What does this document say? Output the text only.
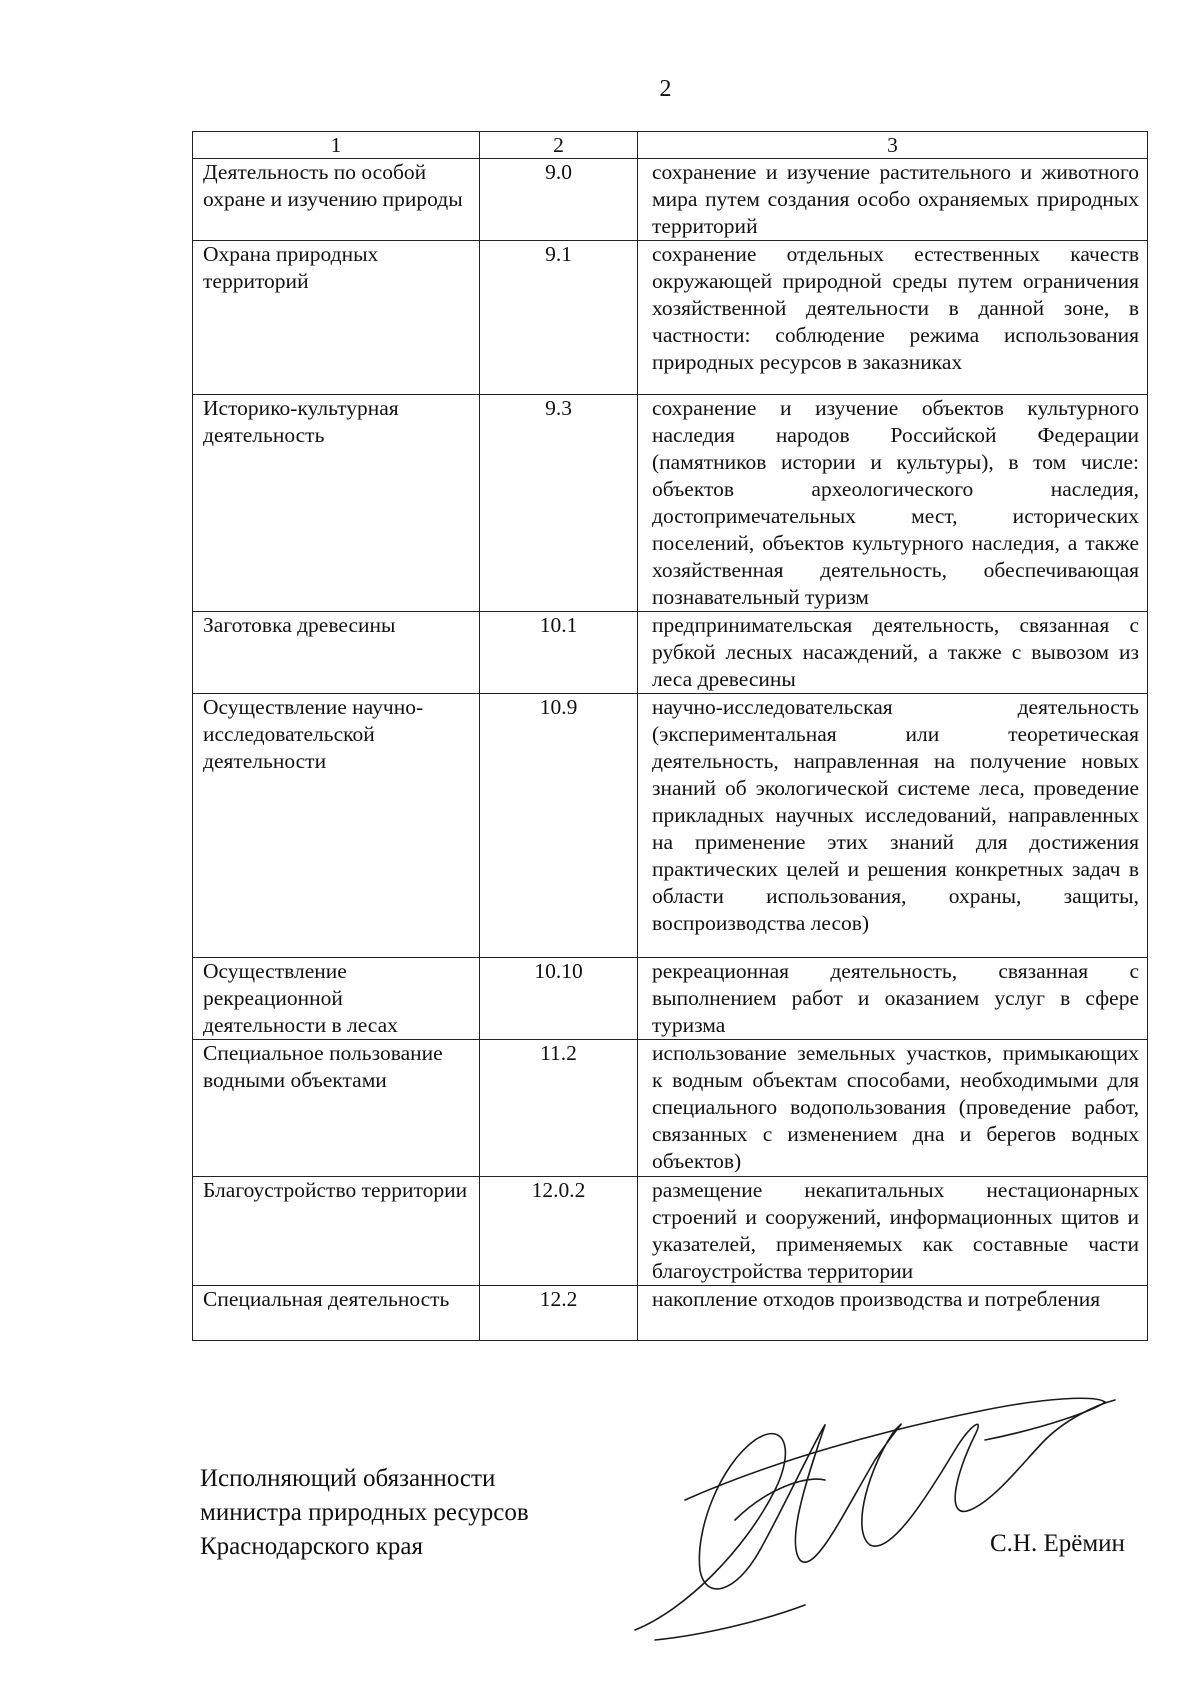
2
1	2	3
Деятельность по особой охране и изучению природы	9.0	сохранение и изучение растительного и животного мира путем создания особо охраняемых природных территорий
Охрана природных территорий	9.1	сохранение отдельных естественных качеств окружающей природной среды путем ограничения хозяйственной деятельности в данной зоне, в частности: соблюдение режима использования природных ресурсов в заказниках
Историко-культурная деятельность	9.3	сохранение и изучение объектов культурного наследия народов Российской Федерации (памятников истории и культуры), в том числе: объектов археологического наследия, достопримечательных мест, исторических поселений, объектов культурного наследия, а также хозяйственная деятельность, обеспечивающая познавательный туризм
Заготовка древесины	10.1	предпринимательская деятельность, связанная с рубкой лесных насаждений, а также с вывозом из леса древесины
Осуществление научно-исследовательской деятельности	10.9	научно-исследовательская деятельность (экспериментальная или теоретическая деятельность, направленная на получение новых знаний об экологической системе леса, проведение прикладных научных исследований, направленных на применение этих знаний для достижения практических целей и решения конкретных задач в области использования, охраны, защиты, воспроизводства лесов)
Осуществление рекреационной деятельности в лесах	10.10	рекреационная деятельность, связанная с выполнением работ и оказанием услуг в сфере туризма
Специальное пользование водными объектами	11.2	использование земельных участков, примыкающих к водным объектам способами, необходимыми для специального водопользования (проведение работ, связанных с изменением дна и берегов водных объектов)
Благоустройство территории	12.0.2	размещение некапитальных нестационарных строений и сооружений, информационных щитов и указателей, применяемых как составные части благоустройства территории
Специальная деятельность	12.2	накопление отходов производства и потребления
Исполняющий обязанности
министра природных ресурсов
Краснодарского края	С.Н. Ерёмин
